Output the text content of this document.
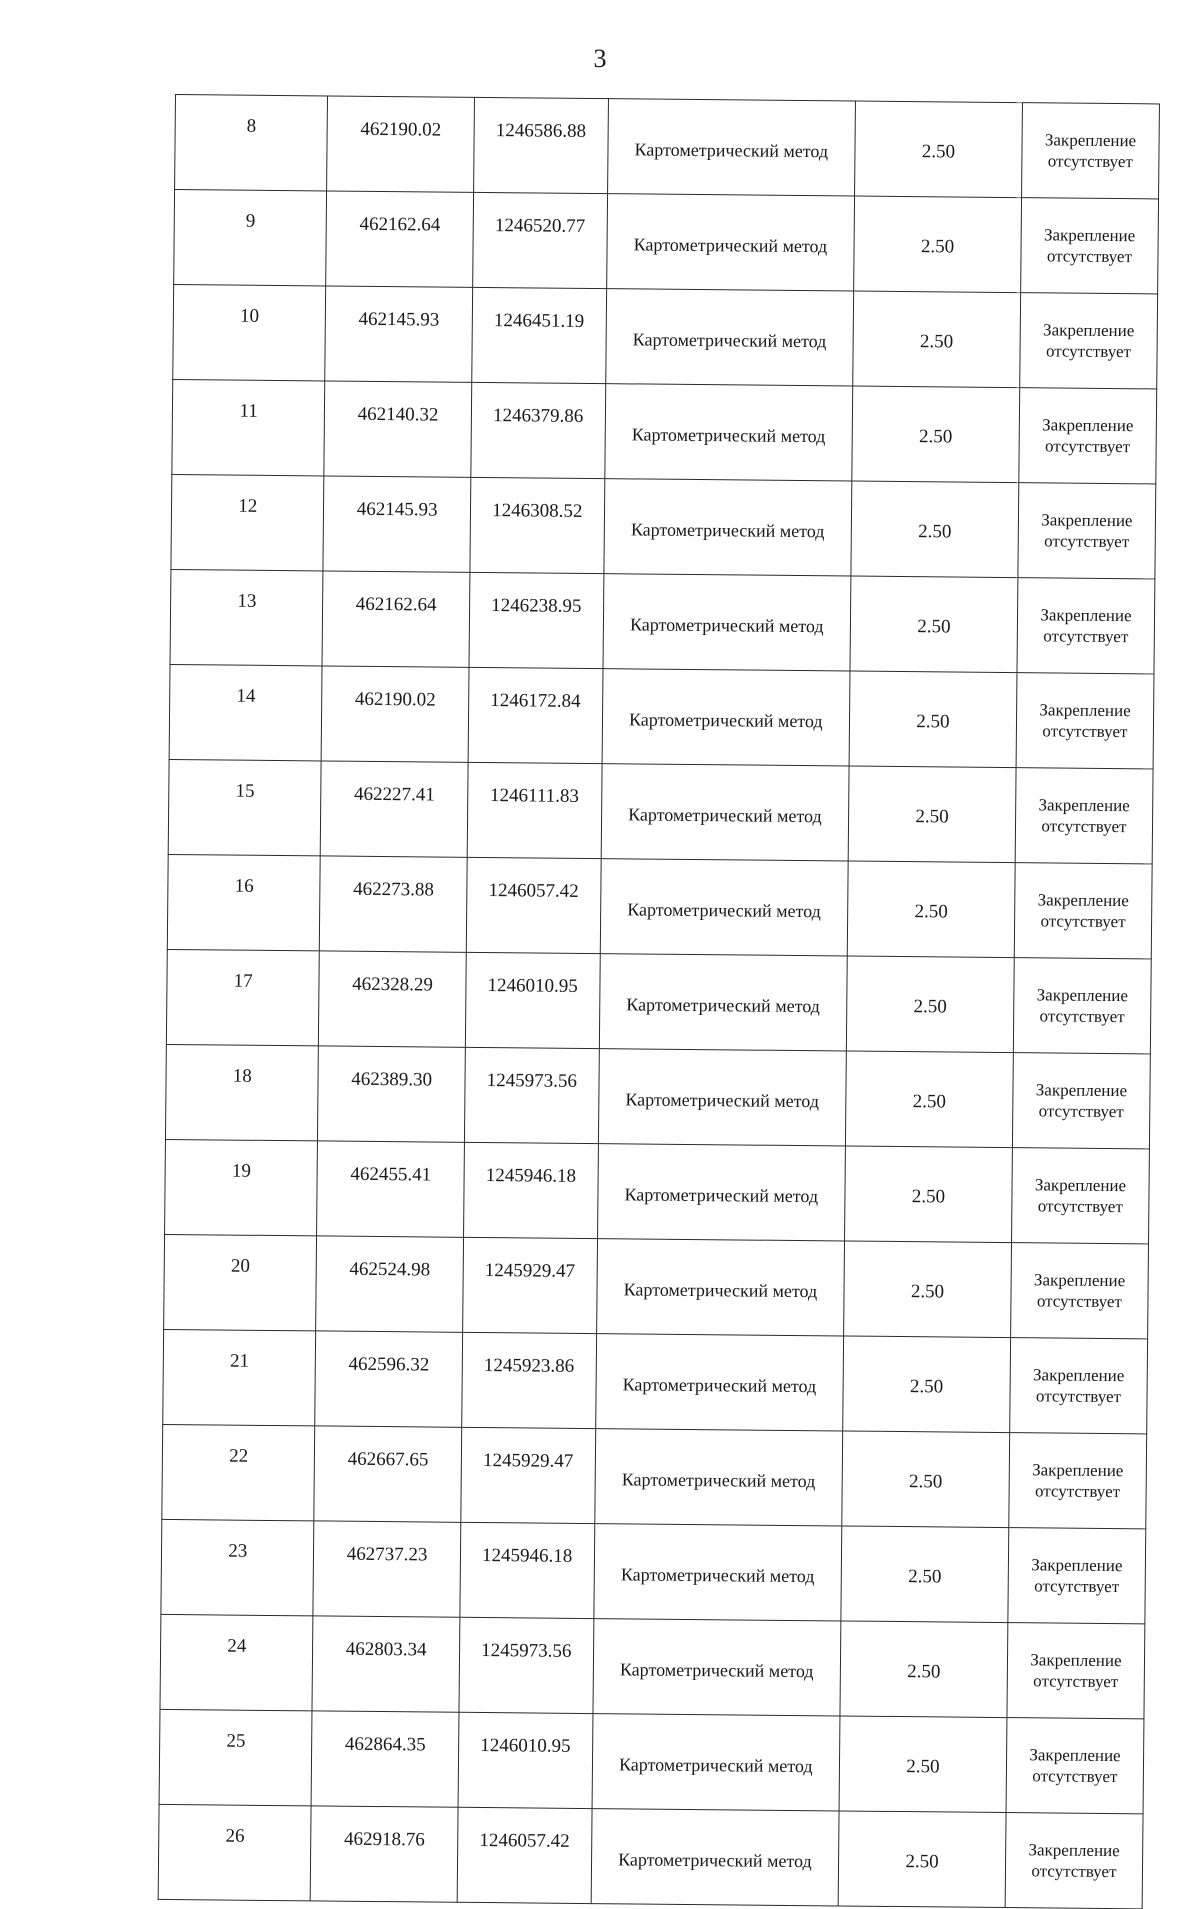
3
8	462190.02	1246586.88	Картометрический метод	2.50	Закрепление отсутствует
9	462162.64	1246520.77	Картометрический метод	2.50	Закрепление отсутствует
10	462145.93	1246451.19	Картометрический метод	2.50	Закрепление отсутствует
11	462140.32	1246379.86	Картометрический метод	2.50	Закрепление отсутствует
12	462145.93	1246308.52	Картометрический метод	2.50	Закрепление отсутствует
13	462162.64	1246238.95	Картометрический метод	2.50	Закрепление отсутствует
14	462190.02	1246172.84	Картометрический метод	2.50	Закрепление отсутствует
15	462227.41	1246111.83	Картометрический метод	2.50	Закрепление отсутствует
16	462273.88	1246057.42	Картометрический метод	2.50	Закрепление отсутствует
17	462328.29	1246010.95	Картометрический метод	2.50	Закрепление отсутствует
18	462389.30	1245973.56	Картометрический метод	2.50	Закрепление отсутствует
19	462455.41	1245946.18	Картометрический метод	2.50	Закрепление отсутствует
20	462524.98	1245929.47	Картометрический метод	2.50	Закрепление отсутствует
21	462596.32	1245923.86	Картометрический метод	2.50	Закрепление отсутствует
22	462667.65	1245929.47	Картометрический метод	2.50	Закрепление отсутствует
23	462737.23	1245946.18	Картометрический метод	2.50	Закрепление отсутствует
24	462803.34	1245973.56	Картометрический метод	2.50	Закрепление отсутствует
25	462864.35	1246010.95	Картометрический метод	2.50	Закрепление отсутствует
26	462918.76	1246057.42	Картометрический метод	2.50	Закрепление отсутствует
